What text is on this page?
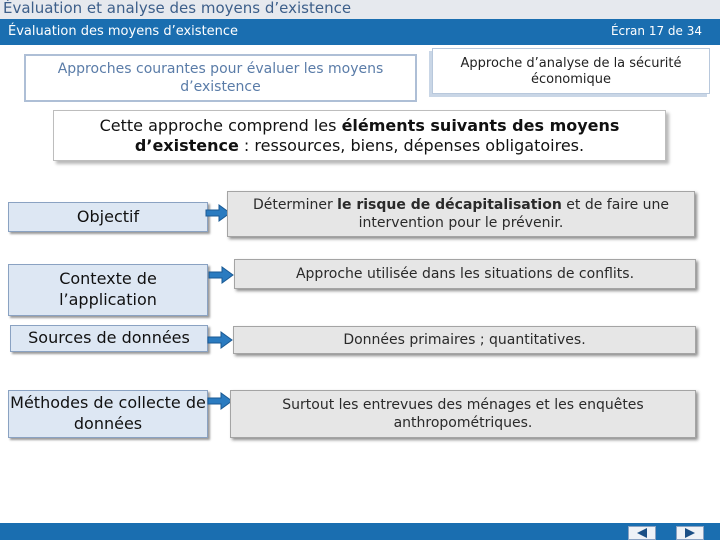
Évaluation et analyse des moyens d’existence
Évaluation des moyens d’existence	Écran 17 de 34
Approches courantes pour évaluer les moyens d’existence
Approche d’analyse de la sécurité économique
Cette approche comprend les éléments suivants des moyens d’existence : ressources, biens, dépenses obligatoires.
Objectif
Déterminer le risque de décapitalisation et de faire une intervention pour le prévenir.
Contexte de l’application
Approche utilisée dans les situations de conflits.
Sources de données	Données primaires ; quantitatives.
Méthodes de collecte de données
Surtout les entrevues des ménages et les enquêtes anthropométriques.
